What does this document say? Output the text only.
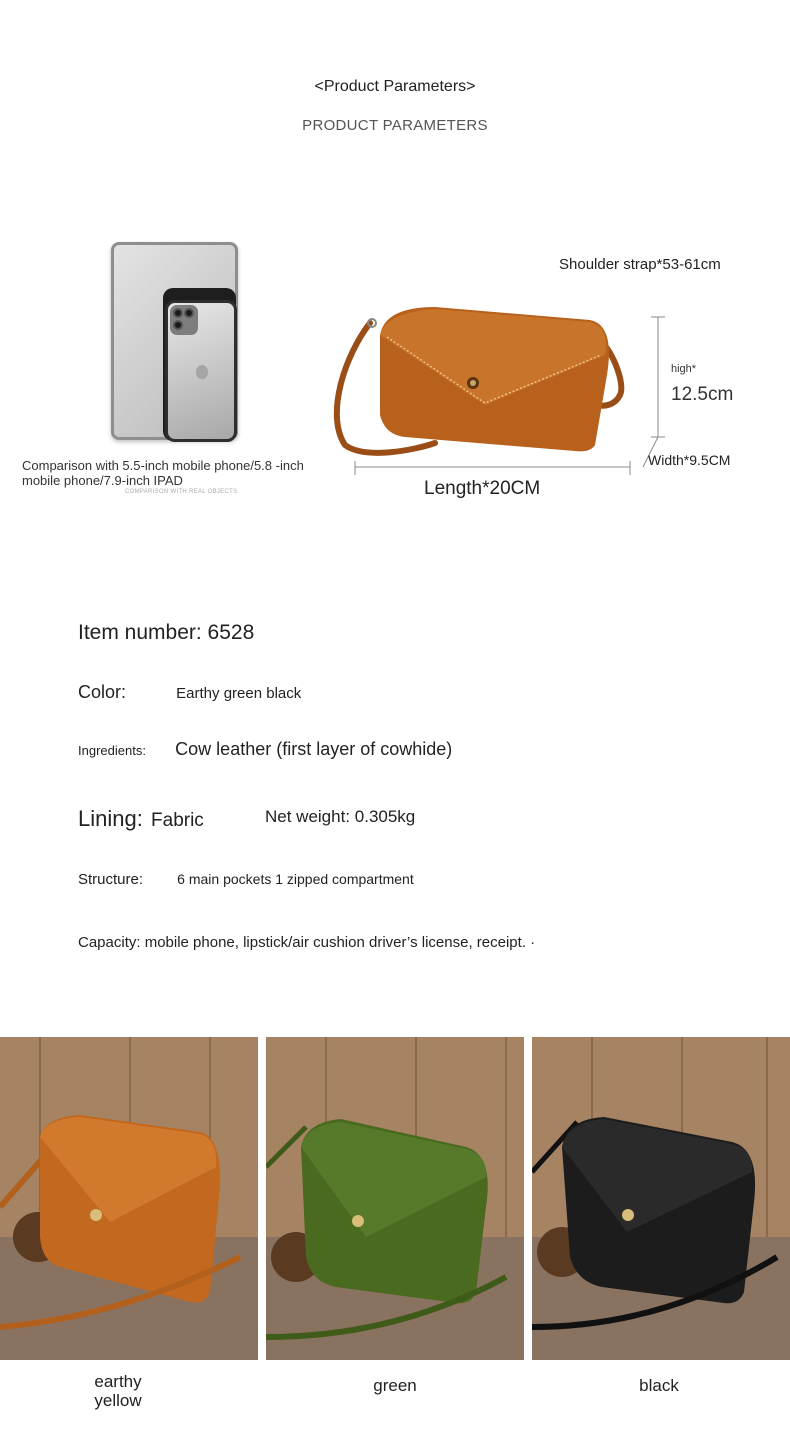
<Product Parameters>
PRODUCT PARAMETERS
Comparison with 5.5-inch mobile phone/5.8 -inch mobile phone/7.9-inch IPAD
COMPARISON WITH REAL OBJECTS
Shoulder strap*53-61cm
high*
12.5cm
Width*9.5CM
Length*20CM
Item number: 6528
Color:	Earthy green black
Ingredients: Cow leather (first layer of cowhide)
Lining: Fabric	Net weight: 0.305kg
Structure: 6 main pockets 1 zipped compartment
Capacity: mobile phone, lipstick/air cushion driver’s license, receipt. ·
earthy
yellow
green	black
